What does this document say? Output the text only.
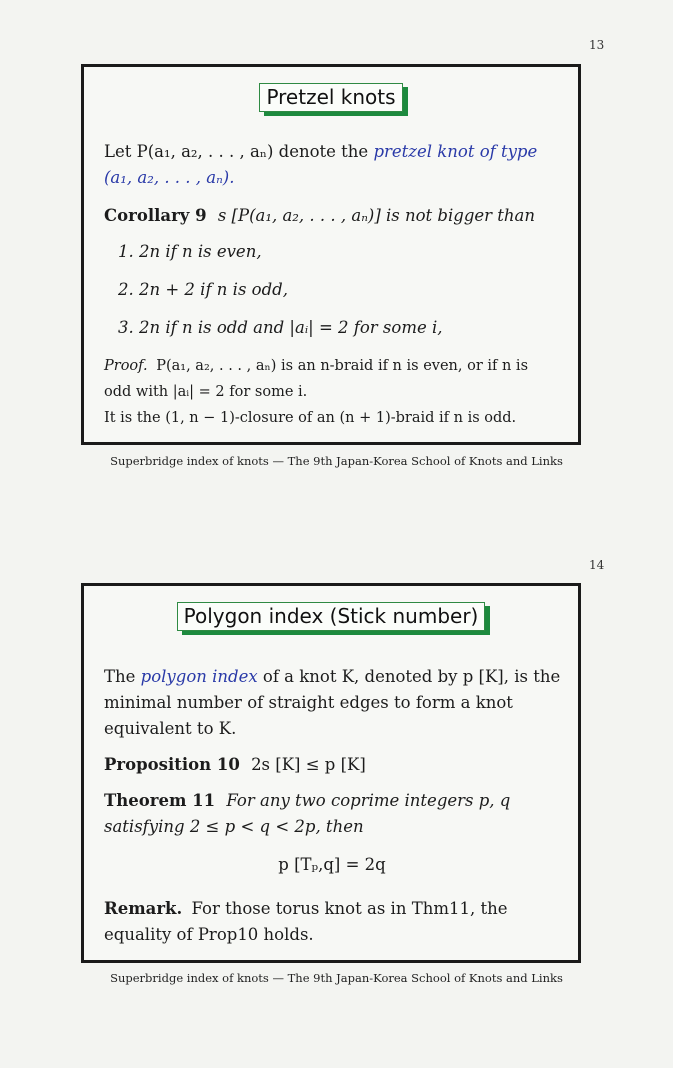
13
Pretzel knots
Let P(a₁, a₂, . . . , aₙ) denote the pretzel knot of type
(a₁, a₂, . . . , aₙ).
Corollary 9 s [P(a₁, a₂, . . . , aₙ)] is not bigger than
1. 2n if n is even,
2. 2n + 2 if n is odd,
3. 2n if n is odd and |aᵢ| = 2 for some i,
Proof. P(a₁, a₂, . . . , aₙ) is an n-braid if n is even, or if n is
odd with |aᵢ| = 2 for some i.
It is the (1, n − 1)-closure of an (n + 1)-braid if n is odd.
Superbridge index of knots — The 9th Japan-Korea School of Knots and Links
14
Polygon index (Stick number)
The polygon index of a knot K, denoted by p [K], is the
minimal number of straight edges to form a knot
equivalent to K.
Proposition 10 2s [K] ≤ p [K]
Theorem 11 For any two coprime integers p, q
satisfying 2 ≤ p < q < 2p, then
p [Tₚ,q] = 2q
Remark. For those torus knot as in Thm11, the
equality of Prop10 holds.
Superbridge index of knots — The 9th Japan-Korea School of Knots and Links
